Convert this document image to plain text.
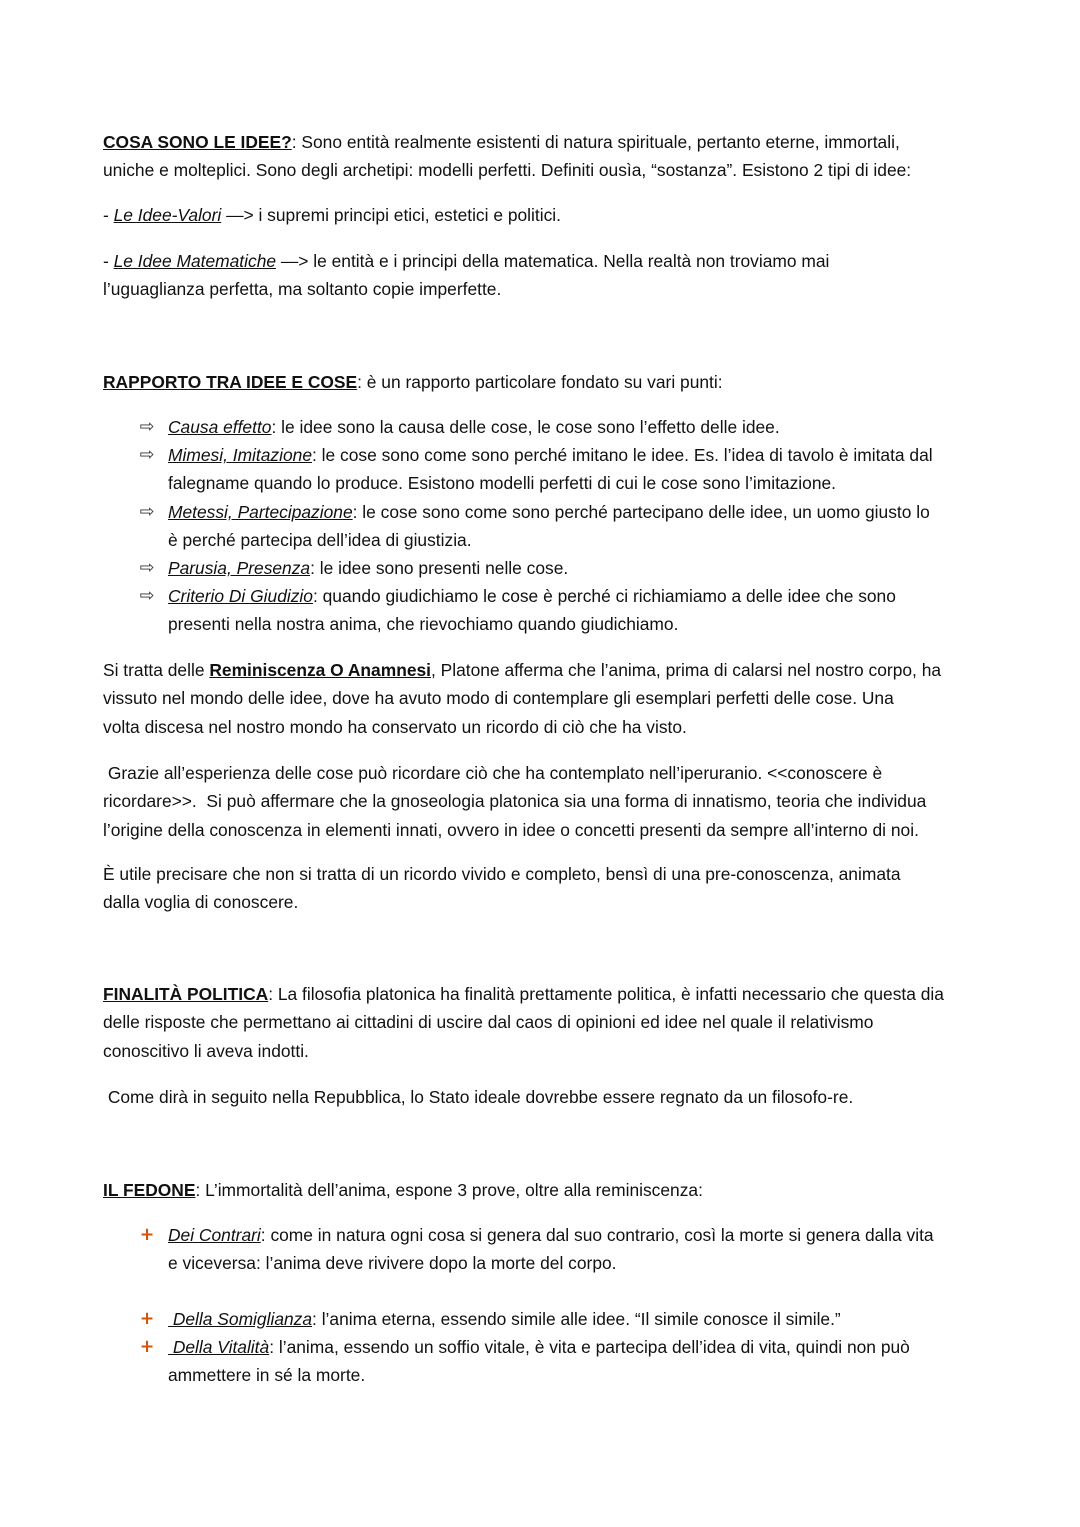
COSA SONO LE IDEE?: Sono entità realmente esistenti di natura spirituale, pertanto eterne, immortali,
uniche e molteplici. Sono degli archetipi: modelli perfetti. Definiti ousìa, “sostanza”. Esistono 2 tipi di idee:
- Le Idee-Valori —> i supremi principi etici, estetici e politici.
- Le Idee Matematiche —> le entità e i principi della matematica. Nella realtà non troviamo mai
l’uguaglianza perfetta, ma soltanto copie imperfette.
RAPPORTO TRA IDEE E COSE: è un rapporto particolare fondato su vari punti:
⇨ Causa effetto: le idee sono la causa delle cose, le cose sono l’effetto delle idee.
⇨ Mimesi, Imitazione: le cose sono come sono perché imitano le idee. Es. l’idea di tavolo è imitata dal
falegname quando lo produce. Esistono modelli perfetti di cui le cose sono l’imitazione.
⇨ Metessi, Partecipazione: le cose sono come sono perché partecipano delle idee, un uomo giusto lo
è perché partecipa dell’idea di giustizia.
⇨ Parusia, Presenza: le idee sono presenti nelle cose.
⇨ Criterio Di Giudizio: quando giudichiamo le cose è perché ci richiamiamo a delle idee che sono
presenti nella nostra anima, che rievochiamo quando giudichiamo.
Si tratta delle Reminiscenza O Anamnesi, Platone afferma che l’anima, prima di calarsi nel nostro corpo, ha
vissuto nel mondo delle idee, dove ha avuto modo di contemplare gli esemplari perfetti delle cose. Una
volta discesa nel nostro mondo ha conservato un ricordo di ciò che ha visto.
Grazie all’esperienza delle cose può ricordare ciò che ha contemplato nell’iperuranio. <<conoscere è
ricordare>>.  Si può affermare che la gnoseologia platonica sia una forma di innatismo, teoria che individua
l’origine della conoscenza in elementi innati, ovvero in idee o concetti presenti da sempre all’interno di noi.
È utile precisare che non si tratta di un ricordo vivido e completo, bensì di una pre-conoscenza, animata
dalla voglia di conoscere.
FINALITÀ POLITICA: La filosofia platonica ha finalità prettamente politica, è infatti necessario che questa dia
delle risposte che permettano ai cittadini di uscire dal caos di opinioni ed idee nel quale il relativismo
conoscitivo li aveva indotti.
Come dirà in seguito nella Repubblica, lo Stato ideale dovrebbe essere regnato da un filosofo-re.
IL FEDONE: L’immortalità dell’anima, espone 3 prove, oltre alla reminiscenza:
+ Dei Contrari: come in natura ogni cosa si genera dal suo contrario, così la morte si genera dalla vita
e viceversa: l’anima deve rivivere dopo la morte del corpo.
+ Della Somiglianza: l’anima eterna, essendo simile alle idee. “Il simile conosce il simile.”
+ Della Vitalità: l’anima, essendo un soffio vitale, è vita e partecipa dell’idea di vita, quindi non può
ammettere in sé la morte.
